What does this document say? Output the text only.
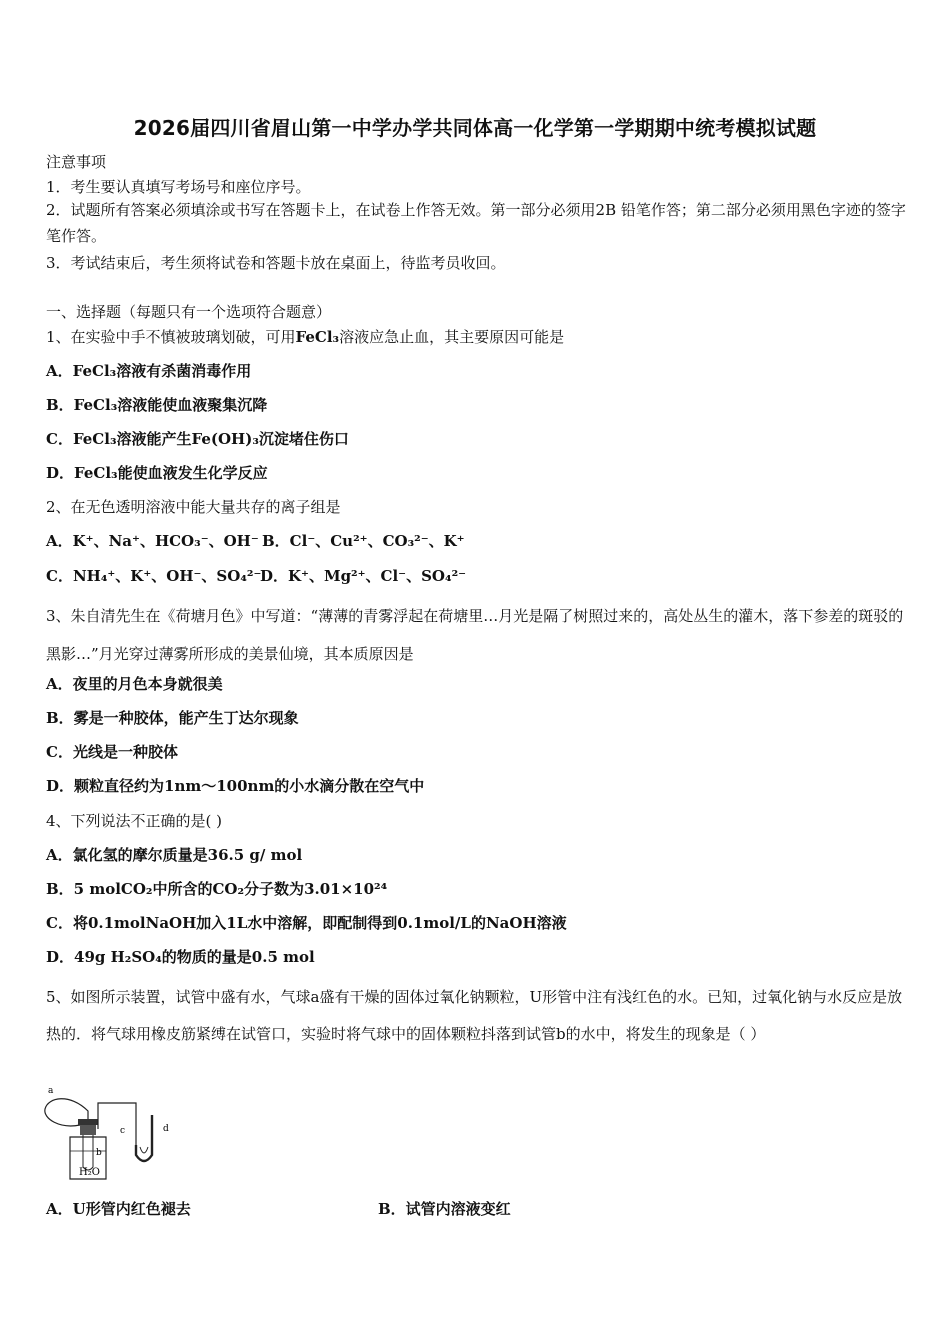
2026届四川省眉山第一中学办学共同体高一化学第一学期期中统考模拟试题
注意事项
1．考生要认真填写考场号和座位序号。
2．试题所有答案必须填涂或书写在答题卡上，在试卷上作答无效。第一部分必须用2B 铅笔作答；第二部分必须用黑色字迹的签字笔作答。
3．考试结束后，考生须将试卷和答题卡放在桌面上，待监考员收回。
一、选择题（每题只有一个选项符合题意）
1、在实验中手不慎被玻璃划破，可用FeCl₃溶液应急止血，其主要原因可能是
A．FeCl₃溶液有杀菌消毒作用
B．FeCl₃溶液能使血液聚集沉降
C．FeCl₃溶液能产生Fe(OH)₃沉淀堵住伤口
D．FeCl₃能使血液发生化学反应
2、在无色透明溶液中能大量共存的离子组是
A．K⁺、Na⁺、HCO₃⁻、OH⁻ B．Cl⁻、Cu²⁺、CO₃²⁻、K⁺
C．NH₄⁺、K⁺、OH⁻、SO₄²⁻
D．K⁺、Mg²⁺、Cl⁻、SO₄²⁻
3、朱自清先生在《荷塘月色》中写道：“薄薄的青雾浮起在荷塘里…月光是隔了树照过来的，高处丛生的灌木，落下参差的斑驳的黑影…”月光穿过薄雾所形成的美景仙境，其本质原因是
A．夜里的月色本身就很美
B．雾是一种胶体，能产生丁达尔现象
C．光线是一种胶体
D．颗粒直径约为1nm～100nm的小水滴分散在空气中
4、下列说法不正确的是( )
A．氯化氢的摩尔质量是36.5 g/ mol
B．5 molCO₂中所含的CO₂分子数为3.01×10²⁴
C．将0.1molNaOH加入1L水中溶解，即配制得到0.1mol/L的NaOH溶液
D．49g H₂SO₄的物质的量是0.5 mol
5、如图所示装置，试管中盛有水，气球a盛有干燥的固体过氧化钠颗粒，U形管中注有浅红色的水。已知，过氧化钠与水反应是放热的．将气球用橡皮筋紧缚在试管口，实验时将气球中的固体颗粒抖落到试管b的水中，将发生的现象是（ ）
a
b
c	d
H₂O
A．U形管内红色褪去	B．试管内溶液变红
